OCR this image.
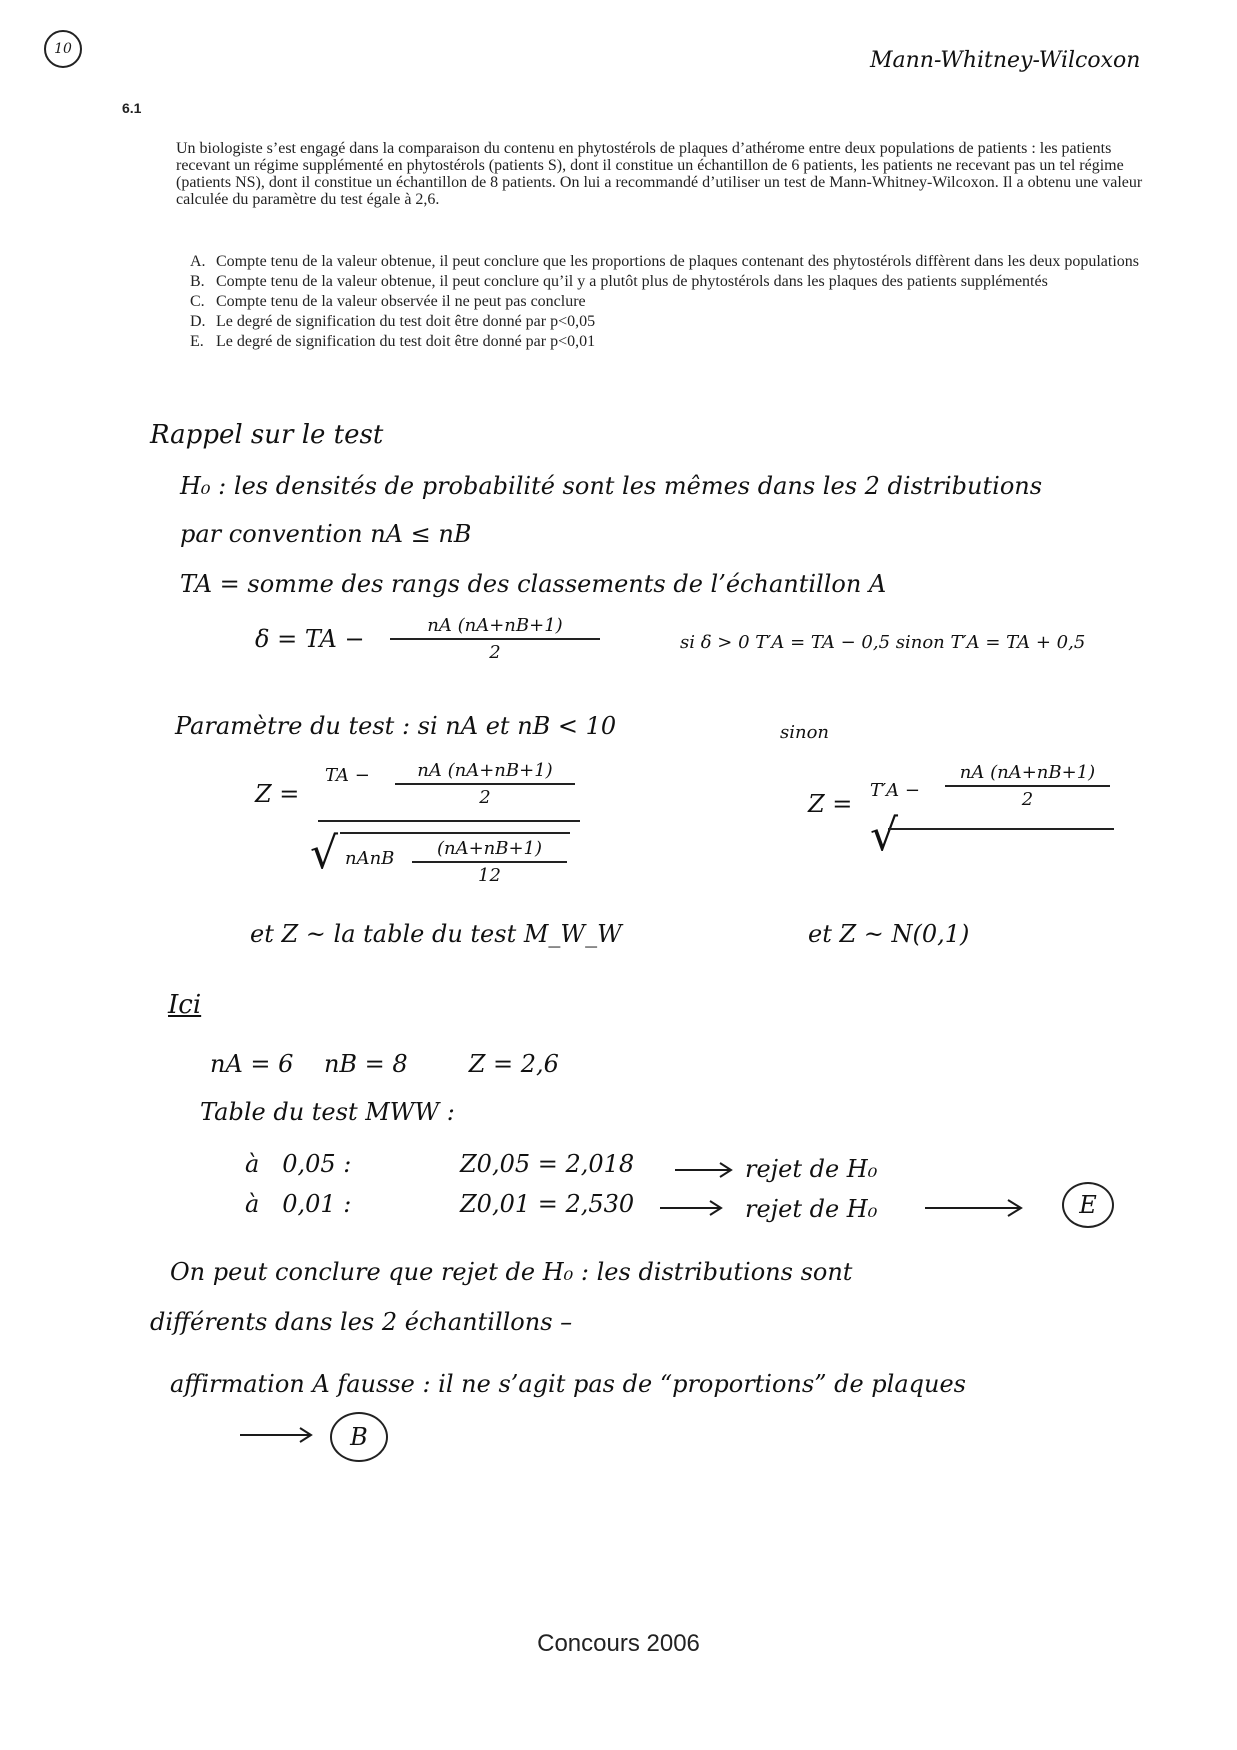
10	Mann-Whitney-Wilcoxon
6.1
Un biologiste s’est engagé dans la comparaison du contenu en phytostérols de plaques d’athérome entre deux populations de patients : les patients recevant un régime supplémenté en phytostérols (patients S), dont il constitue un échantillon de 6 patients, les patients ne recevant pas un tel régime (patients NS), dont il constitue un échantillon de 8 patients. On lui a recommandé d’utiliser un test de Mann-Whitney-Wilcoxon. Il a obtenu une valeur calculée du paramètre du test égale à 2,6.
A. Compte tenu de la valeur obtenue, il peut conclure que les proportions de plaques contenant des phytostérols diffèrent dans les deux populations
B. Compte tenu de la valeur obtenue, il peut conclure qu’il y a plutôt plus de phytostérols dans les plaques des patients supplémentés
C. Compte tenu de la valeur observée il ne peut pas conclure
D. Le degré de signification du test doit être donné par p<0,05
E. Le degré de signification du test doit être donné par p<0,01
Rappel sur le test
H₀ : les densités de probabilité sont les mêmes dans les 2 distributions
par convention nA ≤ nB
TA = somme des rangs des classements de l’échantillon A
δ = TA −	nA (nA+nB+1)
2	si δ > 0 T′A = TA − 0,5 sinon T′A = TA + 0,5
Paramètre du test : si nA et nB < 10	sinon
Z =
TA −	nA (nA+nB+1)
2
√ nAnB (nA+nB+1)
12
Z = T′A −
nA (nA+nB+1)
2
√
et Z ~ la table du test M_W_W	et Z ~ N(0,1)
Ici
nA = 6    nB = 8        Z = 2,6
Table du test MWW :
à   0,05 :	Z0,05 = 2,018	rejet de H₀
à   0,01 :	Z0,01 = 2,530	rejet de H₀	E
On peut conclure que rejet de H₀ : les distributions sont
différents dans les 2 échantillons –
affirmation A fausse : il ne s’agit pas de “proportions” de plaques
B
Concours 2006
